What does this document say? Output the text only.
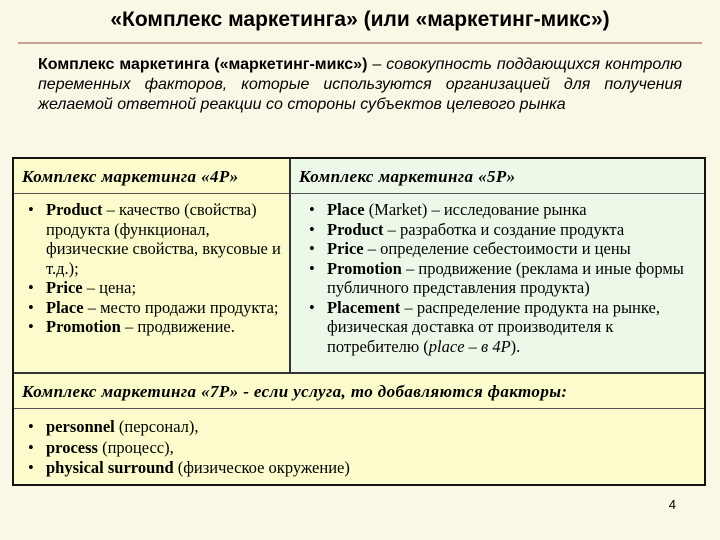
«Комплекс маркетинга» (или «маркетинг-микс»)
Комплекс маркетинга («маркетинг-микс») – совокупность поддающихся контролю переменных факторов, которые используются организацией для получения желаемой ответной реакции со стороны субъектов целевого рынка
Комплекс маркетинга «4Р»
• Product – качество (свойства) продукта (функционал, физические свойства, вкусовые и т.д.);
• Price – цена;
• Place – место продажи продукта;
• Promotion – продвижение.
Комплекс маркетинга «5Р»
• Place (Market) – исследование рынка
• Product – разработка и создание продукта
• Price – определение себестоимости и цены
• Promotion – продвижение (реклама и иные формы публичного представления продукта)
• Placement – распределение продукта на рынке, физическая доставка от производителя к потребителю (place – в 4P).
Комплекс маркетинга «7Р» - если услуга, то добавляются факторы:
• personnel (персонал),
• process (процесс),
• physical surround (физическое окружение)
4
